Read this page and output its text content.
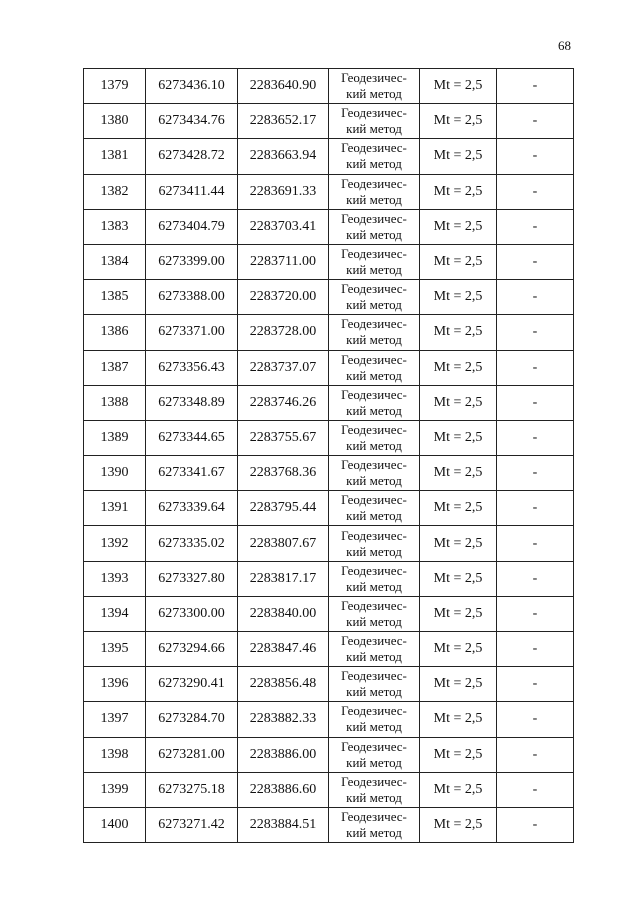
68
1379	6273436.10	2283640.90	Геодезичес-
кий метод	Mt = 2,5	-
1380	6273434.76	2283652.17	Геодезичес-
кий метод	Mt = 2,5	-
1381	6273428.72	2283663.94	Геодезичес-
кий метод	Mt = 2,5	-
1382	6273411.44	2283691.33	Геодезичес-
кий метод	Mt = 2,5	-
1383	6273404.79	2283703.41	Геодезичес-
кий метод	Mt = 2,5	-
1384	6273399.00	2283711.00	Геодезичес-
кий метод	Mt = 2,5	-
1385	6273388.00	2283720.00	Геодезичес-
кий метод	Mt = 2,5	-
1386	6273371.00	2283728.00	Геодезичес-
кий метод	Mt = 2,5	-
1387	6273356.43	2283737.07	Геодезичес-
кий метод	Mt = 2,5	-
1388	6273348.89	2283746.26	Геодезичес-
кий метод	Mt = 2,5	-
1389	6273344.65	2283755.67	Геодезичес-
кий метод	Mt = 2,5	-
1390	6273341.67	2283768.36	Геодезичес-
кий метод	Mt = 2,5	-
1391	6273339.64	2283795.44	Геодезичес-
кий метод	Mt = 2,5	-
1392	6273335.02	2283807.67	Геодезичес-
кий метод	Mt = 2,5	-
1393	6273327.80	2283817.17	Геодезичес-
кий метод	Mt = 2,5	-
1394	6273300.00	2283840.00	Геодезичес-
кий метод	Mt = 2,5	-
1395	6273294.66	2283847.46	Геодезичес-
кий метод	Mt = 2,5	-
1396	6273290.41	2283856.48	Геодезичес-
кий метод	Mt = 2,5	-
1397	6273284.70	2283882.33	Геодезичес-
кий метод	Mt = 2,5	-
1398	6273281.00	2283886.00	Геодезичес-
кий метод	Mt = 2,5	-
1399	6273275.18	2283886.60	Геодезичес-
кий метод	Mt = 2,5	-
1400	6273271.42	2283884.51	Геодезичес-
кий метод	Mt = 2,5	-
